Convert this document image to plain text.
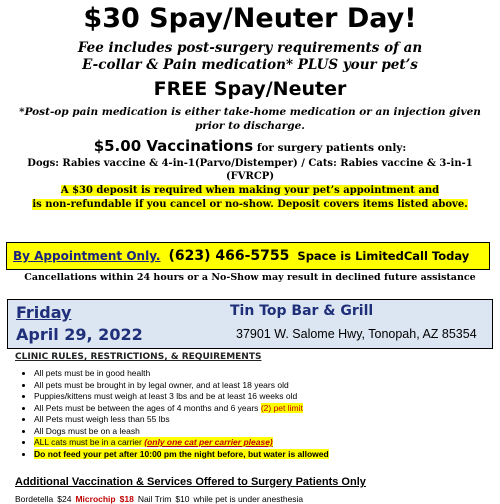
$30 Spay/Neuter Day!
Fee includes post-surgery requirements of an
E-collar & Pain medication* PLUS your pet’s
FREE Spay/Neuter
*Post-op pain medication is either take-home medication or an injection given prior to discharge.
$5.00 Vaccinations for surgery patients only:
Dogs: Rabies vaccine & 4-in-1(Parvo/Distemper) / Cats: Rabies vaccine & 3-in-1
(FVRCP)
A $30 deposit is required when making your pet’s appointment and
is non-refundable if you cancel or no-show. Deposit covers items listed above.
By Appointment Only. (623) 466-5755 Space is LimitedCall Today
Cancellations within 24 hours or a No-Show may result in declined future assistance
Friday
April 29, 2022
Tin Top Bar & Grill
37901 W. Salome Hwy, Tonopah, AZ 85354
CLINIC RULES, RESTRICTIONS, & REQUIREMENTS
• All pets must be in good health
• All pets must be brought in by legal owner, and at least 18 years old
• Puppies/kittens must weigh at least 3 lbs and be at least 16 weeks old
• All Pets must be between the ages of 4 months and 6 years (2) pet limit
• All Pets must weigh less than 55 lbs
• All Dogs must be on a leash
• ALL cats must be in a carrier (only one cat per carrier please)
• Do not feed your pet after 10:00 pm the night before, but water is allowed
Additional Vaccination & Services Offered to Surgery Patients Only
Bordetella $24 Microchip $18 Nail Trim $10 while pet is under anesthesia
